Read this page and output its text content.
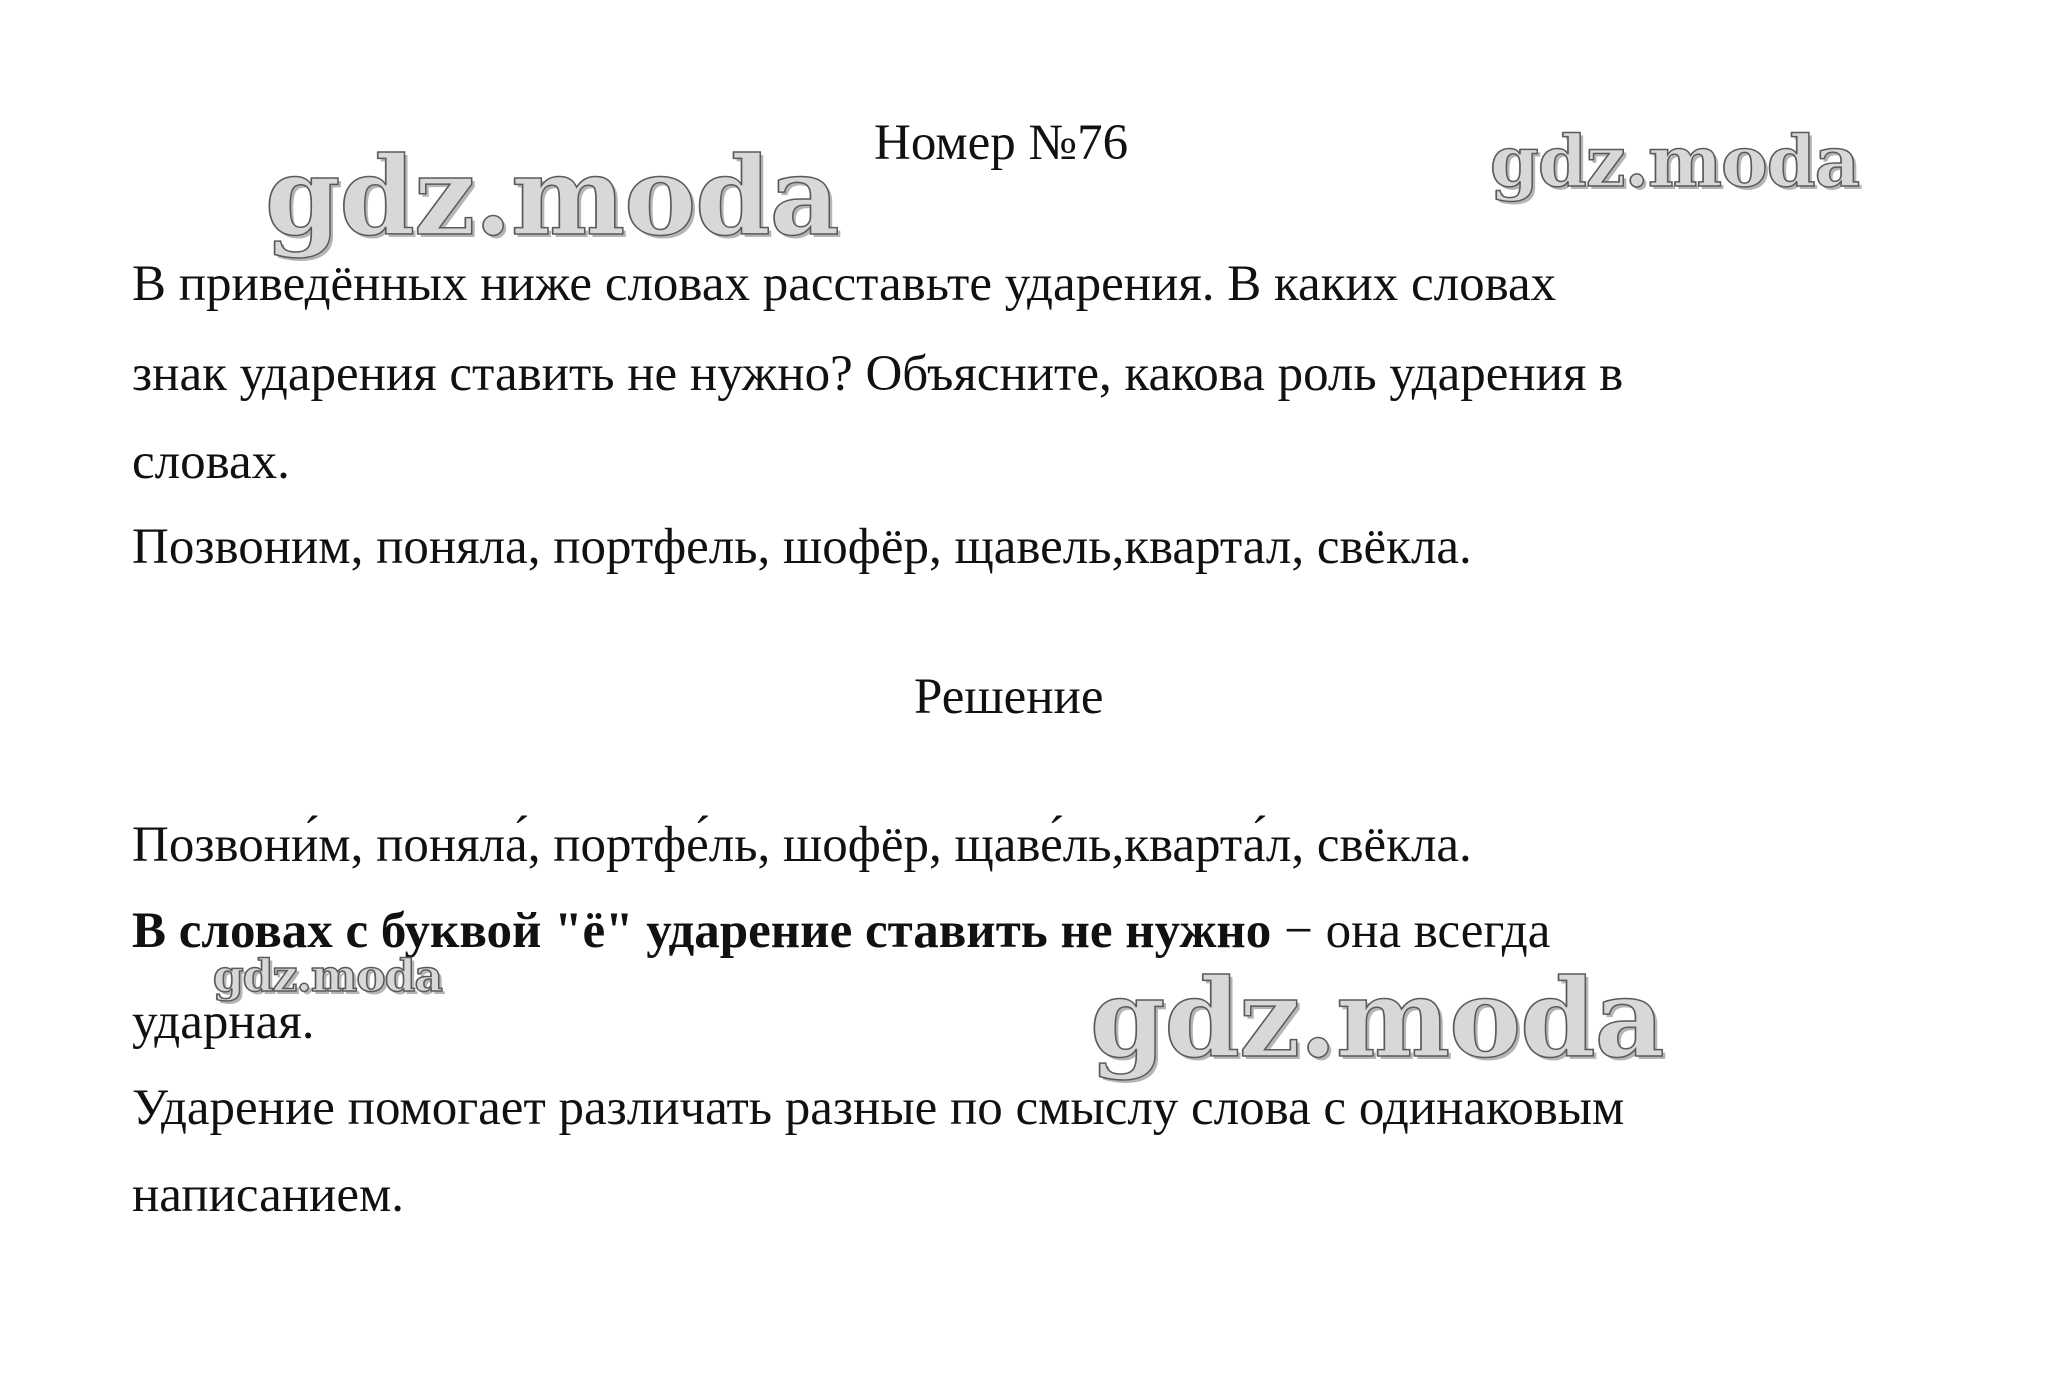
gdz.moda	gdz.moda
gdz.moda	gdz.moda
Номер №76
В приведённых ниже словах расставьте ударения. В каких словах
знак ударения ставить не нужно? Объясните, какова роль ударения в
словах.
Позвоним, поняла, портфель, шофёр, щавель,квартал, свёкла.
Решение
Позвони́м, поняла́, портфе́ль, шофёр, щаве́ль,кварта́л, свёкла.
В словах с буквой "ё" ударение ставить не нужно − она всегда
ударная.
Ударение помогает различать разные по смыслу слова с одинаковым
написанием.
